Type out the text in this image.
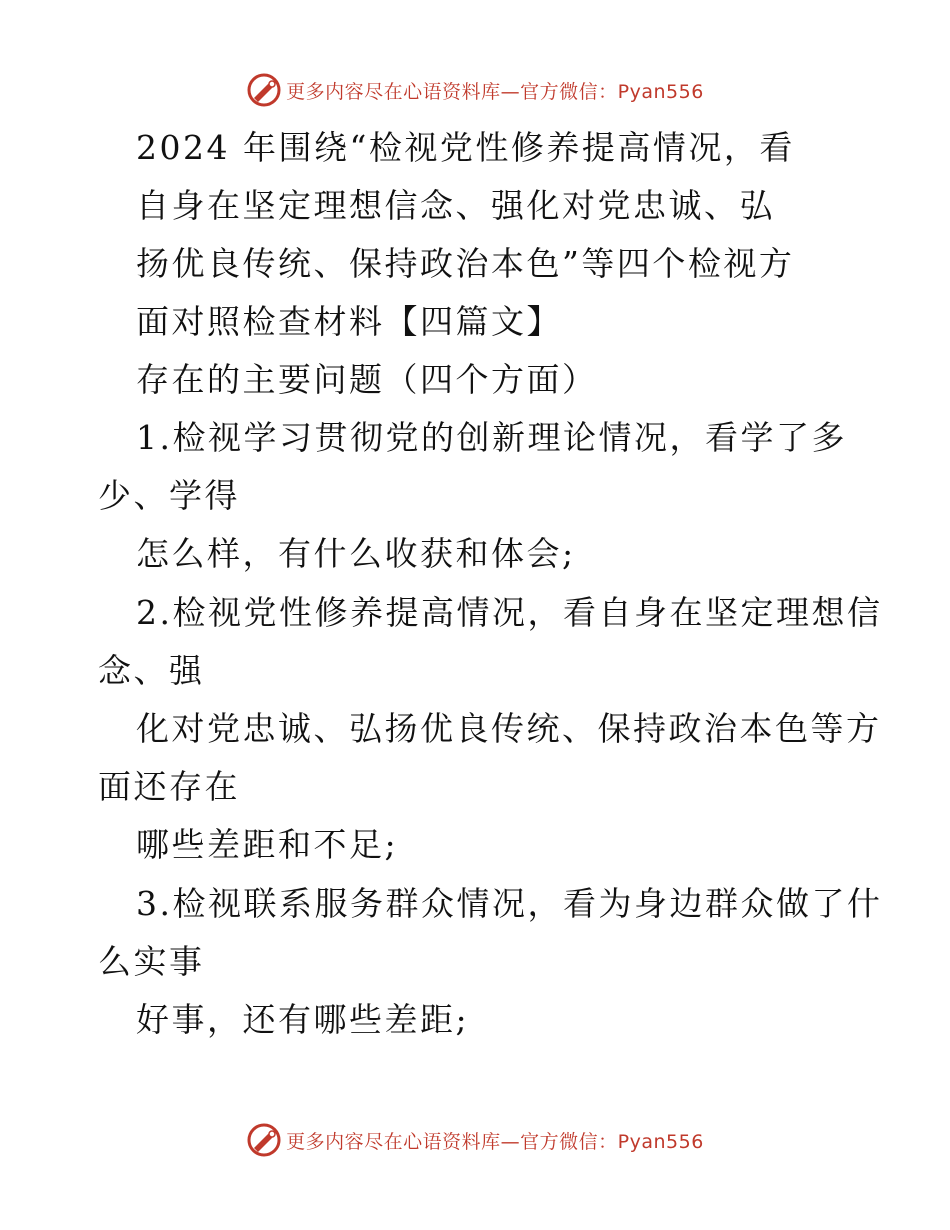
更多内容尽在心语资料库—官方微信：Pyan556
2024 年围绕“检视党性修养提高情况，看
自身在坚定理想信念、强化对党忠诚、弘
扬优良传统、保持政治本色”等四个检视方
面对照检查材料【四篇文】
存在的主要问题（四个方面）
1.检视学习贯彻党的创新理论情况，看学了多
少、学得
怎么样，有什么收获和体会;
2.检视党性修养提高情况，看自身在坚定理想信
念、强
化对党忠诚、弘扬优良传统、保持政治本色等方
面还存在
哪些差距和不足;
3.检视联系服务群众情况，看为身边群众做了什
么实事
好事，还有哪些差距;
更多内容尽在心语资料库—官方微信：Pyan556
